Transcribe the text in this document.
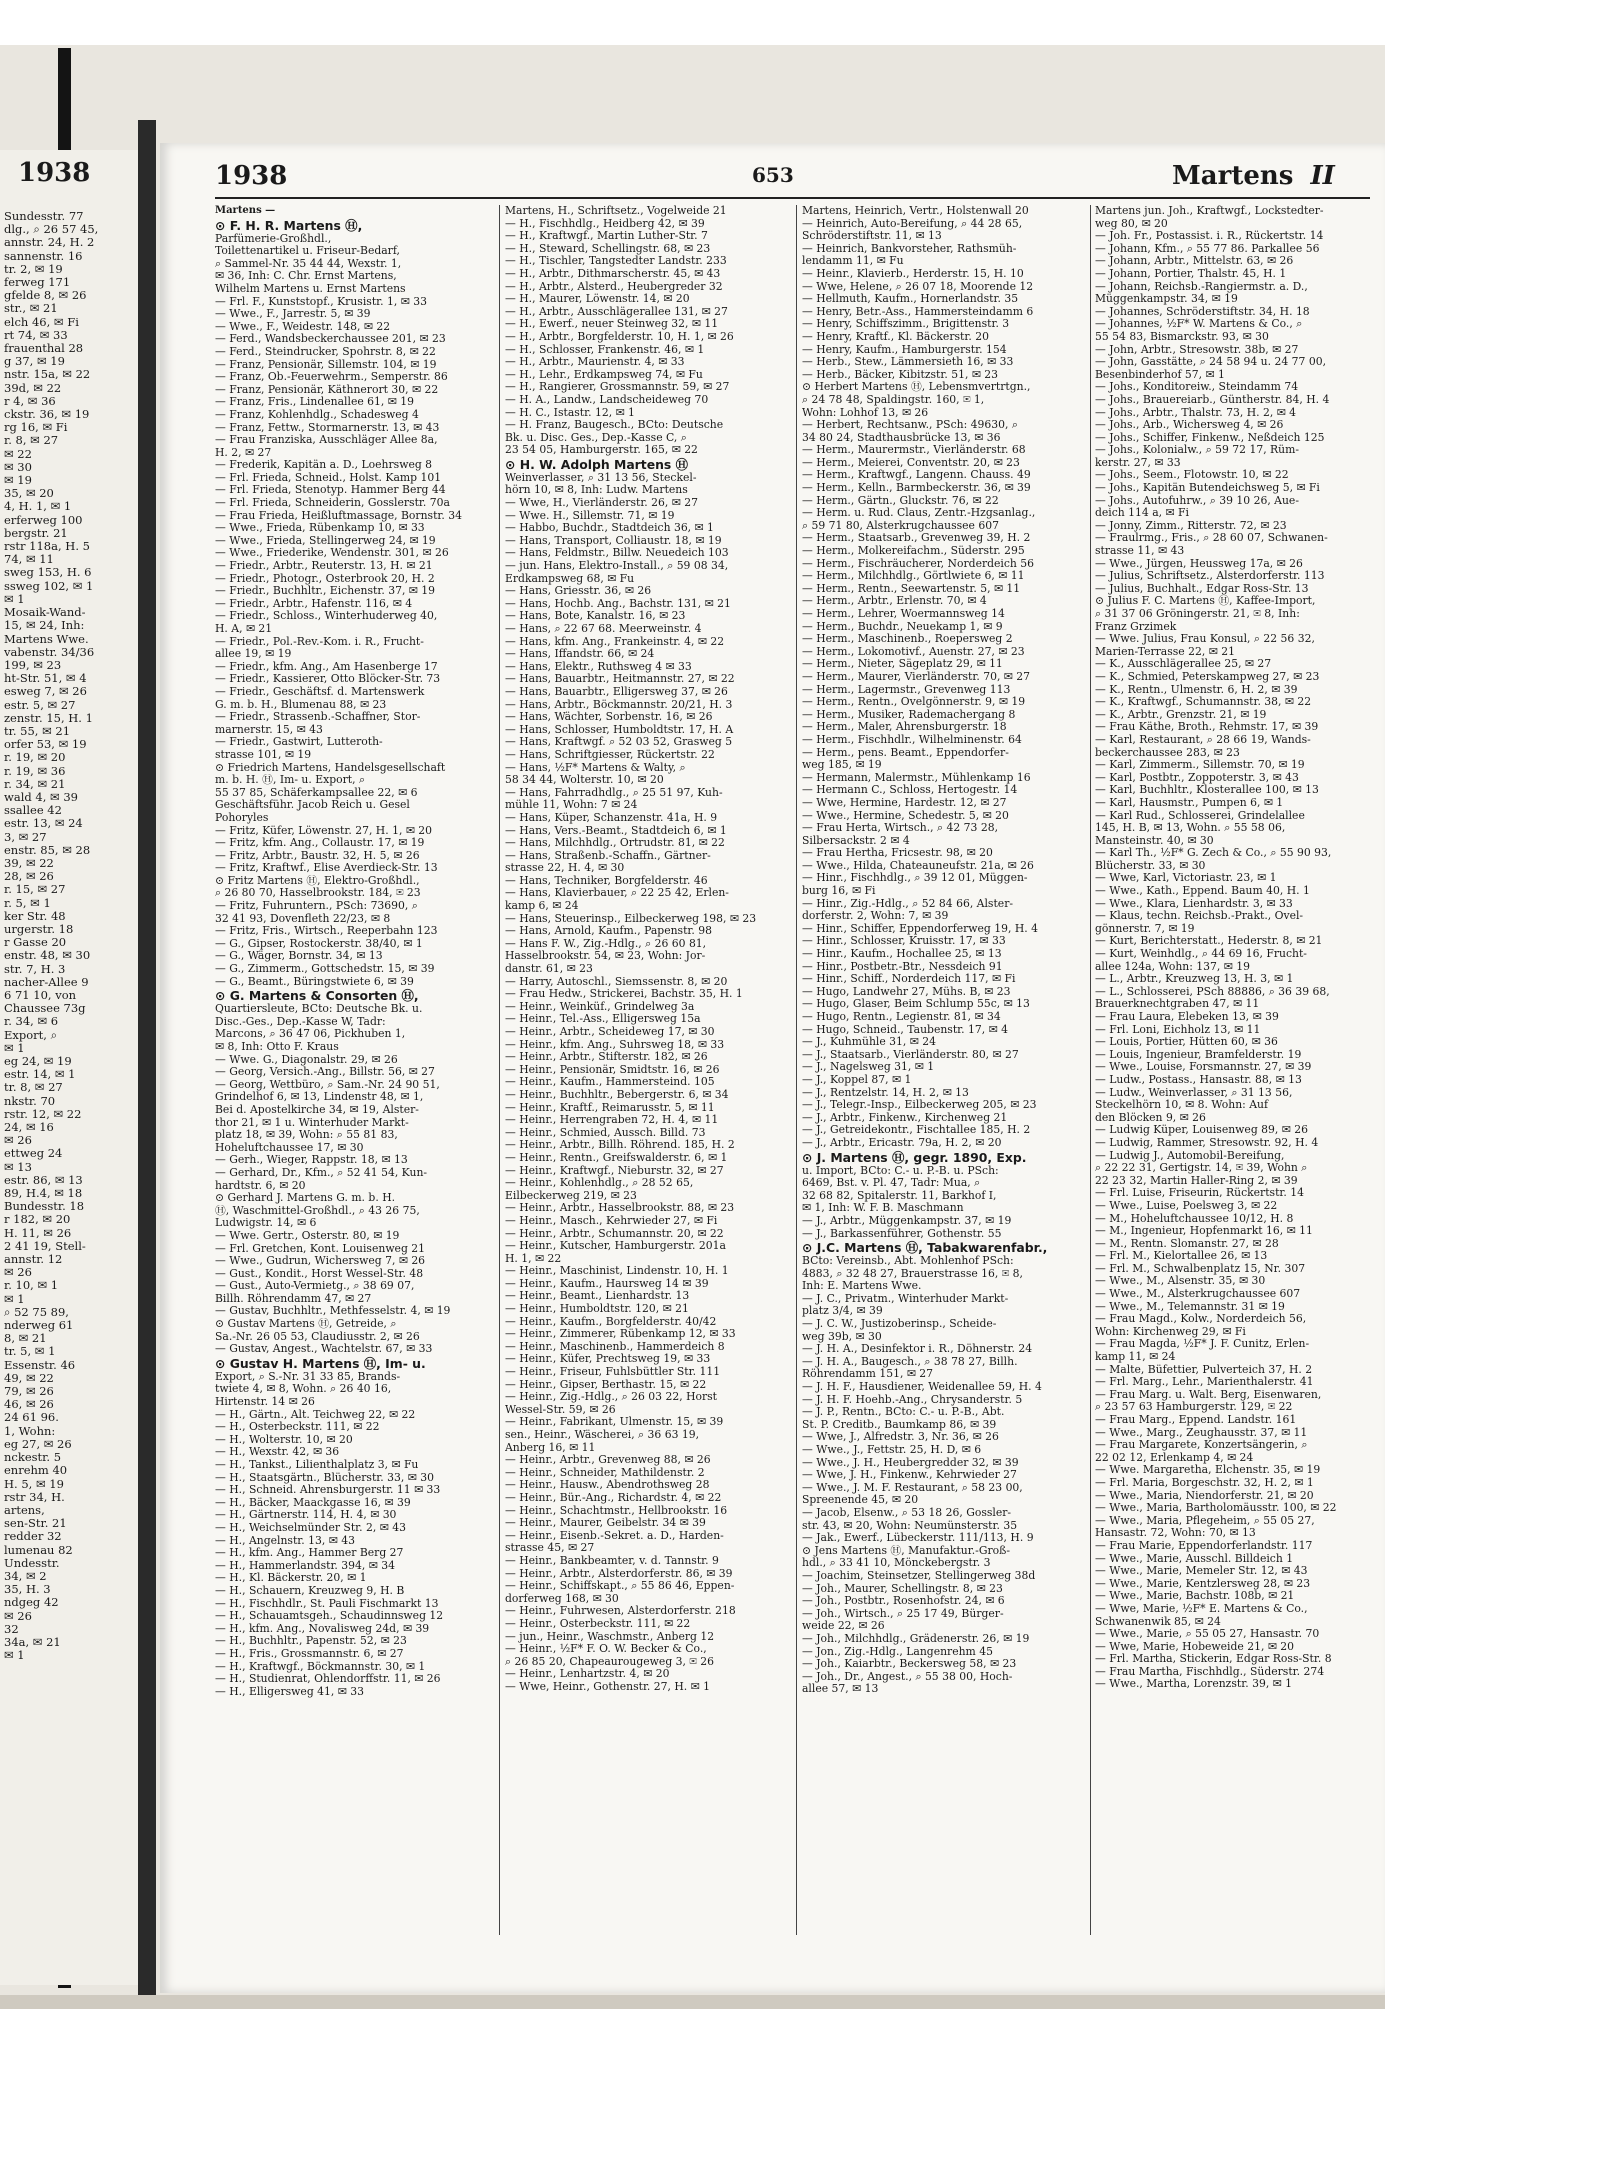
1938
Sundesstr. 77
dlg., ⌕ 26 57 45,
annstr. 24, H. 2
sannenstr. 16
tr. 2, ✉ 19
ferweg 171
gfelde 8, ✉ 26
str., ✉ 21
elch 46, ✉ Fi
rt 74, ✉ 33
frauenthal 28
g 37, ✉ 19
nstr. 15a, ✉ 22
39d, ✉ 22
r 4, ✉ 36
ckstr. 36, ✉ 19
rg 16, ✉ Fi
r. 8, ✉ 27
✉ 22
✉ 30
✉ 19
35, ✉ 20
4, H. 1, ✉ 1
erferweg 100
bergstr. 21
rstr 118a, H. 5
74, ✉ 11
sweg 153, H. 6
ssweg 102, ✉ 1
✉ 1
Mosaik-Wand-
15, ✉ 24, Inh:
Martens Wwe.
vabenstr. 34/36
199, ✉ 23
ht-Str. 51, ✉ 4
esweg 7, ✉ 26
estr. 5, ✉ 27
zenstr. 15, H. 1
tr. 55, ✉ 21
orfer 53, ✉ 19
r. 19, ✉ 20
r. 19, ✉ 36
r. 34, ✉ 21
wald 4, ✉ 39
ssallee 42
estr. 13, ✉ 24
3, ✉ 27
enstr. 85, ✉ 28
39, ✉ 22
28, ✉ 26
r. 15, ✉ 27
r. 5, ✉ 1
ker Str. 48
urgerstr. 18
r Gasse 20
enstr. 48, ✉ 30
str. 7, H. 3
nacher-Allee 9
6 71 10, von
Chaussee 73g
r. 34, ✉ 6
Export, ⌕
✉ 1
eg 24, ✉ 19
estr. 14, ✉ 1
tr. 8, ✉ 27
nkstr. 70
rstr. 12, ✉ 22
24, ✉ 16
✉ 26
ettweg 24
✉ 13
estr. 86, ✉ 13
89, H.4, ✉ 18
Bundesstr. 18
r 182, ✉ 20
H. 11, ✉ 26
2 41 19, Stell-
annstr. 12
✉ 26
r. 10, ✉ 1
✉ 1
⌕ 52 75 89,
nderweg 61
8, ✉ 21
tr. 5, ✉ 1
Essenstr. 46
49, ✉ 22
79, ✉ 26
46, ✉ 26
24 61 96.
1, Wohn:
eg 27, ✉ 26
nckestr. 5
enrehm 40
H. 5, ✉ 19
rstr 34, H.
artens,
sen-Str. 21
redder 32
lumenau 82
Undesstr.
34, ✉ 2
35, H. 3
ndgeg 42
✉ 26
32
34a, ✉ 21
✉ 1
1938	653	Martens II
Martens —
⊙ F. H. R. Martens Ⓗ,
Parfümerie-Großhdl.,
Toilettenartikel u. Friseur-Bedarf,
⌕ Sammel-Nr. 35 44 44, Wexstr. 1,
✉ 36, Inh: C. Chr. Ernst Martens,
Wilhelm Martens u. Ernst Martens
— Frl. F., Kunststopf., Krusistr. 1, ✉ 33
— Wwe., F., Jarrestr. 5, ✉ 39
— Wwe., F., Weidestr. 148, ✉ 22
— Ferd., Wandsbeckerchaussee 201, ✉ 23
— Ferd., Steindrucker, Spohrstr. 8, ✉ 22
— Franz, Pensionär, Sillemstr. 104, ✉ 19
— Franz, Ob.-Feuerwehrm., Semperstr. 86
— Franz, Pensionär, Käthnerort 30, ✉ 22
— Franz, Fris., Lindenallee 61, ✉ 19
— Franz, Kohlenhdlg., Schadesweg 4
— Franz, Fettw., Stormarnerstr. 13, ✉ 43
— Frau Franziska, Ausschläger Allee 8a,
H. 2, ✉ 27
— Frederik, Kapitän a. D., Loehrsweg 8
— Frl. Frieda, Schneid., Holst. Kamp 101
— Frl. Frieda, Stenotyp. Hammer Berg 44
— Frl. Frieda, Schneiderin, Gosslerstr. 70a
— Frau Frieda, Heißluftmassage, Bornstr. 34
— Wwe., Frieda, Rübenkamp 10, ✉ 33
— Wwe., Frieda, Stellingerweg 24, ✉ 19
— Wwe., Friederike, Wendenstr. 301, ✉ 26
— Friedr., Arbtr., Reuterstr. 13, H. ✉ 21
— Friedr., Photogr., Osterbrook 20, H. 2
— Friedr., Buchhltr., Eichenstr. 37, ✉ 19
— Friedr., Arbtr., Hafenstr. 116, ✉ 4
— Friedr., Schloss., Winterhuderweg 40,
H. A, ✉ 21
— Friedr., Pol.-Rev.-Kom. i. R., Frucht-
allee 19, ✉ 19
— Friedr., kfm. Ang., Am Hasenberge 17
— Friedr., Kassierer, Otto Blöcker-Str. 73
— Friedr., Geschäftsf. d. Martenswerk
G. m. b. H., Blumenau 88, ✉ 23
— Friedr., Strassenb.-Schaffner, Stor-
marnerstr. 15, ✉ 43
— Friedr., Gastwirt, Lutteroth-
strasse 101, ✉ 19
⊙ Friedrich Martens, Handelsgesellschaft
m. b. H. Ⓗ, Im- u. Export, ⌕
55 37 85, Schäferkampsallee 22, ✉ 6
Geschäftsführ. Jacob Reich u. Gesel
Pohoryles
— Fritz, Küfer, Löwenstr. 27, H. 1, ✉ 20
— Fritz, kfm. Ang., Collaustr. 17, ✉ 19
— Fritz, Arbtr., Baustr. 32, H. 5, ✉ 26
— Fritz, Kraftwf., Elise Averdieck-Str. 13
⊙ Fritz Martens Ⓗ, Elektro-Großhdl.,
⌕ 26 80 70, Hasselbrookstr. 184, ✉ 23
— Fritz, Fuhruntern., PSch: 73690, ⌕
32 41 93, Dovenfleth 22/23, ✉ 8
— Fritz, Fris., Wirtsch., Reeperbahn 123
— G., Gipser, Rostockerstr. 38/40, ✉ 1
— G., Wäger, Bornstr. 34, ✉ 13
— G., Zimmerm., Gottschedstr. 15, ✉ 39
— G., Beamt., Büringstwiete 6, ✉ 39
⊙ G. Martens & Consorten Ⓗ,
Quartiersleute, BCto: Deutsche Bk. u.
Disc.-Ges., Dep.-Kasse W, Tadr:
Marcons, ⌕ 36 47 06, Pickhuben 1,
✉ 8, Inh: Otto F. Kraus
— Wwe. G., Diagonalstr. 29, ✉ 26
— Georg, Versich.-Ang., Billstr. 56, ✉ 27
— Georg, Wettbüro, ⌕ Sam.-Nr. 24 90 51,
Grindelhof 6, ✉ 13, Lindenstr 48, ✉ 1,
Bei d. Apostelkirche 34, ✉ 19, Alster-
thor 21, ✉ 1 u. Winterhuder Markt-
platz 18, ✉ 39, Wohn: ⌕ 55 81 83,
Hoheluftchaussee 17, ✉ 30
— Gerh., Wieger, Rappstr. 18, ✉ 13
— Gerhard, Dr., Kfm., ⌕ 52 41 54, Kun-
hardtstr. 6, ✉ 20
⊙ Gerhard J. Martens G. m. b. H.
Ⓗ, Waschmittel-Großhdl., ⌕ 43 26 75,
Ludwigstr. 14, ✉ 6
— Wwe. Gertr., Osterstr. 80, ✉ 19
— Frl. Gretchen, Kont. Louisenweg 21
— Wwe., Gudrun, Wichersweg 7, ✉ 26
— Gust., Kondit., Horst Wessel-Str. 48
— Gust., Auto-Vermietg., ⌕ 38 69 07,
Billh. Röhrendamm 47, ✉ 27
— Gustav, Buchhltr., Methfesselstr. 4, ✉ 19
⊙ Gustav Martens Ⓗ, Getreide, ⌕
Sa.-Nr. 26 05 53, Claudiusstr. 2, ✉ 26
— Gustav, Angest., Wachtelstr. 67, ✉ 33
⊙ Gustav H. Martens Ⓗ, Im- u.
Export, ⌕ S.-Nr. 31 33 85, Brands-
twiete 4, ✉ 8, Wohn. ⌕ 26 40 16,
Hirtenstr. 14 ✉ 26
— H., Gärtn., Alt. Teichweg 22, ✉ 22
— H., Osterbeckstr. 111, ✉ 22
— H., Wolterstr. 10, ✉ 20
— H., Wexstr. 42, ✉ 36
— H., Tankst., Lilienthalplatz 3, ✉ Fu
— H., Staatsgärtn., Blücherstr. 33, ✉ 30
— H., Schneid. Ahrensburgerstr. 11 ✉ 33
— H., Bäcker, Maackgasse 16, ✉ 39
— H., Gärtnerstr. 114, H. 4, ✉ 30
— H., Weichselmünder Str. 2, ✉ 43
— H., Angelnstr. 13, ✉ 43
— H., kfm. Ang., Hammer Berg 27
— H., Hammerlandstr. 394, ✉ 34
— H., Kl. Bäckerstr. 20, ✉ 1
— H., Schauern, Kreuzweg 9, H. B
— H., Fischhdlr., St. Pauli Fischmarkt 13
— H., Schauamtsgeh., Schaudinnsweg 12
— H., kfm. Ang., Novalisweg 24d, ✉ 39
— H., Buchhltr., Papenstr. 52, ✉ 23
— H., Fris., Grossmannstr. 6, ✉ 27
— H., Kraftwgf., Böckmannstr. 30, ✉ 1
— H., Studienrat, Ohlendorffstr. 11, ✉ 26
— H., Elligersweg 41, ✉ 33
Martens, H., Schriftsetz., Vogelweide 21
— H., Fischhdlg., Heidberg 42, ✉ 39
— H., Kraftwgf., Martin Luther-Str. 7
— H., Steward, Schellingstr. 68, ✉ 23
— H., Tischler, Tangstedter Landstr. 233
— H., Arbtr., Dithmarscherstr. 45, ✉ 43
— H., Arbtr., Alsterd., Heubergreder 32
— H., Maurer, Löwenstr. 14, ✉ 20
— H., Arbtr., Ausschlägerallee 131, ✉ 27
— H., Ewerf., neuer Steinweg 32, ✉ 11
— H., Arbtr., Borgfelderstr. 10, H. 1, ✉ 26
— H., Schlosser, Frankenstr. 46, ✉ 1
— H., Arbtr., Maurienstr. 4, ✉ 33
— H., Lehr., Erdkampsweg 74, ✉ Fu
— H., Rangierer, Grossmannstr. 59, ✉ 27
— H. A., Landw., Landscheideweg 70
— H. C., Istastr. 12, ✉ 1
— H. Franz, Baugesch., BCto: Deutsche
Bk. u. Disc. Ges., Dep.-Kasse C, ⌕
23 54 05, Hamburgerstr. 165, ✉ 22
⊙ H. W. Adolph Martens Ⓗ
Weinverlasser, ⌕ 31 13 56, Steckel-
hörn 10, ✉ 8, Inh: Ludw. Martens
— Wwe, H., Vierländerstr. 26, ✉ 27
— Wwe. H., Sillemstr. 71, ✉ 19
— Habbo, Buchdr., Stadtdeich 36, ✉ 1
— Hans, Transport, Colliaustr. 18, ✉ 19
— Hans, Feldmstr., Billw. Neuedeich 103
— jun. Hans, Elektro-Install., ⌕ 59 08 34,
Erdkampsweg 68, ✉ Fu
— Hans, Griesstr. 36, ✉ 26
— Hans, Hochb. Ang., Bachstr. 131, ✉ 21
— Hans, Bote, Kanalstr. 16, ✉ 23
— Hans, ⌕ 22 67 68. Meerweinstr. 4
— Hans, kfm. Ang., Frankeinstr. 4, ✉ 22
— Hans, Iffandstr. 66, ✉ 24
— Hans, Elektr., Ruthsweg 4 ✉ 33
— Hans, Bauarbtr., Heitmannstr. 27, ✉ 22
— Hans, Bauarbtr., Elligersweg 37, ✉ 26
— Hans, Arbtr., Böckmannstr. 20/21, H. 3
— Hans, Wächter, Sorbenstr. 16, ✉ 26
— Hans, Schlosser, Humboldtstr. 17, H. A
— Hans, Kraftwgf. ⌕ 52 03 52, Grasweg 5
— Hans, Schriftgiesser, Rückertstr. 22
— Hans, ½F* Martens & Walty, ⌕
58 34 44, Wolterstr. 10, ✉ 20
— Hans, Fahrradhdlg., ⌕ 25 51 97, Kuh-
mühle 11, Wohn: 7 ✉ 24
— Hans, Küper, Schanzenstr. 41a, H. 9
— Hans, Vers.-Beamt., Stadtdeich 6, ✉ 1
— Hans, Milchhdlg., Ortrudstr. 81, ✉ 22
— Hans, Straßenb.-Schaffn., Gärtner-
strasse 22, H. 4, ✉ 30
— Hans, Techniker, Borgfelderstr. 46
— Hans, Klavierbauer, ⌕ 22 25 42, Erlen-
kamp 6, ✉ 24
— Hans, Steuerinsp., Eilbeckerweg 198, ✉ 23
— Hans, Arnold, Kaufm., Papenstr. 98
— Hans F. W., Zig.-Hdlg., ⌕ 26 60 81,
Hasselbrookstr. 54, ✉ 23, Wohn: Jor-
danstr. 61, ✉ 23
— Harry, Autoschl., Siemssenstr. 8, ✉ 20
— Frau Hedw., Strickerei, Bachstr. 35, H. 1
— Heinr., Weinküf., Grindelweg 3a
— Heinr., Tel.-Ass., Elligersweg 15a
— Heinr., Arbtr., Scheideweg 17, ✉ 30
— Heinr., kfm. Ang., Suhrsweg 18, ✉ 33
— Heinr., Arbtr., Stifterstr. 182, ✉ 26
— Heinr., Pensionär, Smidtstr. 16, ✉ 26
— Heinr., Kaufm., Hammersteind. 105
— Heinr., Buchhltr., Bebergerstr. 6, ✉ 34
— Heinr., Kraftf., Reimarusstr. 5, ✉ 11
— Heinr., Herrengraben 72, H. 4, ✉ 11
— Heinr., Schmied, Aussch. Billd. 73
— Heinr., Arbtr., Billh. Röhrend. 185, H. 2
— Heinr., Rentn., Greifswalderstr. 6, ✉ 1
— Heinr., Kraftwgf., Nieburstr. 32, ✉ 27
— Heinr., Kohlenhdlg., ⌕ 28 52 65,
Eilbeckerweg 219, ✉ 23
— Heinr., Arbtr., Hasselbrookstr. 88, ✉ 23
— Heinr., Masch., Kehrwieder 27, ✉ Fi
— Heinr., Arbtr., Schumannstr. 20, ✉ 22
— Heinr., Kutscher, Hamburgerstr. 201a
H. 1, ✉ 22
— Heinr., Maschinist, Lindenstr. 10, H. 1
— Heinr., Kaufm., Haursweg 14 ✉ 39
— Heinr., Beamt., Lienhardstr. 13
— Heinr., Humboldtstr. 120, ✉ 21
— Heinr., Kaufm., Borgfelderstr. 40/42
— Heinr., Zimmerer, Rübenkamp 12, ✉ 33
— Heinr., Maschinenb., Hammerdeich 8
— Heinr., Küfer, Prechtsweg 19, ✉ 33
— Heinr., Friseur, Fuhlsbüttler Str. 111
— Heinr., Gipser, Berthastr. 15, ✉ 22
— Heinr., Zig.-Hdlg., ⌕ 26 03 22, Horst
Wessel-Str. 59, ✉ 26
— Heinr., Fabrikant, Ulmenstr. 15, ✉ 39
sen., Heinr., Wäscherei, ⌕ 36 63 19,
Anberg 16, ✉ 11
— Heinr., Arbtr., Grevenweg 88, ✉ 26
— Heinr., Schneider, Mathildenstr. 2
— Heinr., Hausw., Abendrothsweg 28
— Heinr., Bür.-Ang., Richardstr. 4, ✉ 22
— Heinr., Schachtmstr., Hellbrookstr. 16
— Heinr., Maurer, Geibelstr. 34 ✉ 39
— Heinr., Eisenb.-Sekret. a. D., Harden-
strasse 45, ✉ 27
— Heinr., Bankbeamter, v. d. Tannstr. 9
— Heinr., Arbtr., Alsterdorferstr. 86, ✉ 39
— Heinr., Schiffskapt., ⌕ 55 86 46, Eppen-
dorferweg 168, ✉ 30
— Heinr., Fuhrwesen, Alsterdorferstr. 218
— Heinr., Osterbeckstr. 111, ✉ 22
— jun., Heinr., Waschmstr., Anberg 12
— Heinr., ½F* F. O. W. Becker & Co.,
⌕ 26 85 20, Chapeaurougeweg 3, ✉ 26
— Heinr., Lenhartzstr. 4, ✉ 20
— Wwe, Heinr., Gothenstr. 27, H. ✉ 1
Martens, Heinrich, Vertr., Holstenwall 20
— Heinrich, Auto-Bereifung, ⌕ 44 28 65,
Schröderstiftstr. 11, ✉ 13
— Heinrich, Bankvorsteher, Rathsmüh-
lendamm 11, ✉ Fu
— Heinr., Klavierb., Herderstr. 15, H. 10
— Wwe, Helene, ⌕ 26 07 18, Moorende 12
— Hellmuth, Kaufm., Hornerlandstr. 35
— Henry, Betr.-Ass., Hammersteindamm 6
— Henry, Schiffszimm., Brigittenstr. 3
— Henry, Kraftf., Kl. Bäckerstr. 20
— Henry, Kaufm., Hamburgerstr. 154
— Herb., Stew., Lämmersieth 16, ✉ 33
— Herb., Bäcker, Kibitzstr. 51, ✉ 23
⊙ Herbert Martens Ⓗ, Lebensmvertrtgn.,
⌕ 24 78 48, Spaldingstr. 160, ✉ 1,
Wohn: Lohhof 13, ✉ 26
— Herbert, Rechtsanw., PSch: 49630, ⌕
34 80 24, Stadthausbrücke 13, ✉ 36
— Herm., Maurermstr., Vierländerstr. 68
— Herm., Meierei, Conventstr. 20, ✉ 23
— Herm., Kraftwgf., Langenn. Chauss. 49
— Herm., Kelln., Barmbeckerstr. 36, ✉ 39
— Herm., Gärtn., Gluckstr. 76, ✉ 22
— Herm. u. Rud. Claus, Zentr.-Hzgsanlag.,
⌕ 59 71 80, Alsterkrugchaussee 607
— Herm., Staatsarb., Grevenweg 39, H. 2
— Herm., Molkereifachm., Süderstr. 295
— Herm., Fischräucherer, Norderdeich 56
— Herm., Milchhdlg., Görtlwiete 6, ✉ 11
— Herm., Rentn., Seewartenstr. 5, ✉ 11
— Herm., Arbtr., Erlenstr. 70, ✉ 4
— Herm., Lehrer, Woermannsweg 14
— Herm., Buchdr., Neuekamp 1, ✉ 9
— Herm., Maschinenb., Roepersweg 2
— Herm., Lokomotivf., Auenstr. 27, ✉ 23
— Herm., Nieter, Sägeplatz 29, ✉ 11
— Herm., Maurer, Vierländerstr. 70, ✉ 27
— Herm., Lagermstr., Grevenweg 113
— Herm., Rentn., Övelgönnerstr. 9, ✉ 19
— Herm., Musiker, Rademachergang 8
— Herm., Maler, Ahrensburgerstr. 18
— Herm., Fischhdlr., Wilhelminenstr. 64
— Herm., pens. Beamt., Eppendorfer-
weg 185, ✉ 19
— Hermann, Malermstr., Mühlenkamp 16
— Hermann C., Schloss, Hertogestr. 14
— Wwe, Hermine, Hardestr. 12, ✉ 27
— Wwe., Hermine, Schedestr. 5, ✉ 20
— Frau Herta, Wirtsch., ⌕ 42 73 28,
Silbersackstr. 2 ✉ 4
— Frau Hertha, Fricsestr. 98, ✉ 20
— Wwe., Hilda, Chateauneufstr. 21a, ✉ 26
— Hinr., Fischhdlg., ⌕ 39 12 01, Müggen-
burg 16, ✉ Fi
— Hinr., Zig.-Hdlg., ⌕ 52 84 66, Alster-
dorferstr. 2, Wohn: 7, ✉ 39
— Hinr., Schiffer, Eppendorferweg 19, H. 4
— Hinr., Schlosser, Kruisstr. 17, ✉ 33
— Hinr., Kaufm., Hochallee 25, ✉ 13
— Hinr., Postbetr.-Btr., Nessdeich 91
— Hinr., Schiff., Norderdeich 117, ✉ Fi
— Hugo, Landwehr 27, Mühs. B, ✉ 23
— Hugo, Glaser, Beim Schlump 55c, ✉ 13
— Hugo, Rentn., Legienstr. 81, ✉ 34
— Hugo, Schneid., Taubenstr. 17, ✉ 4
— J., Kuhmühle 31, ✉ 24
— J., Staatsarb., Vierländerstr. 80, ✉ 27
— J., Nagelsweg 31, ✉ 1
— J., Koppel 87, ✉ 1
— J., Rentzelstr. 14, H. 2, ✉ 13
— J., Telegr.-Insp., Eilbeckerweg 205, ✉ 23
— J., Arbtr., Finkenw., Kirchenweg 21
— J., Getreidekontr., Fischtallee 185, H. 2
— J., Arbtr., Ericastr. 79a, H. 2, ✉ 20
⊙ J. Martens Ⓗ, gegr. 1890, Exp.
u. Import, BCto: C.- u. P.-B. u. PSch:
6469, Bst. v. Pl. 47, Tadr: Mua, ⌕
32 68 82, Spitalerstr. 11, Barkhof I,
✉ 1, Inh: W. F. B. Maschmann
— J., Arbtr., Müggenkampstr. 37, ✉ 19
— J., Barkassenführer, Gothenstr. 55
⊙ J.C. Martens Ⓗ, Tabakwarenfabr.,
BCto: Vereinsb., Abt. Mohlenhof PSch:
4883, ⌕ 32 48 27, Brauerstrasse 16, ✉ 8,
Inh: E. Martens Wwe.
— J. C., Privatm., Winterhuder Markt-
platz 3/4, ✉ 39
— J. C. W., Justizoberinsp., Scheide-
weg 39b, ✉ 30
— J. H. A., Desinfektor i. R., Döhnerstr. 24
— J. H. A., Baugesch., ⌕ 38 78 27, Billh.
Röhrendamm 151, ✉ 27
— J. H. F., Hausdiener, Weidenallee 59, H. 4
— J. H. F. Hoehb.-Ang., Chrysanderstr. 5
— J. P., Rentn., BCto: C.- u. P.-B., Abt.
St. P. Creditb., Baumkamp 86, ✉ 39
— Wwe, J., Alfredstr. 3, Nr. 36, ✉ 26
— Wwe., J., Fettstr. 25, H. D, ✉ 6
— Wwe., J. H., Heubergredder 32, ✉ 39
— Wwe, J. H., Finkenw., Kehrwieder 27
— Wwe., J. M. F. Restaurant, ⌕ 58 23 00,
Spreenende 45, ✉ 20
— Jacob, Elsenw., ⌕ 53 18 26, Gossler-
str. 43, ✉ 20, Wohn: Neumünsterstr. 35
— Jak., Ewerf., Lübeckerstr. 111/113, H. 9
⊙ Jens Martens Ⓗ, Manufaktur.-Groß-
hdl., ⌕ 33 41 10, Mönckebergstr. 3
— Joachim, Steinsetzer, Stellingerweg 38d
— Joh., Maurer, Schellingstr. 8, ✉ 23
— Joh., Postbtr., Rosenhofstr. 24, ✉ 6
— Joh., Wirtsch., ⌕ 25 17 49, Bürger-
weide 22, ✉ 26
— Joh., Milchhdlg., Grädenerstr. 26, ✉ 19
— Jon., Zig.-Hdlg., Langenrehm 45
— Joh., Kaiarbtr., Beckersweg 58, ✉ 23
— Joh., Dr., Angest., ⌕ 55 38 00, Hoch-
allee 57, ✉ 13
Martens jun. Joh., Kraftwgf., Lockstedter-
weg 80, ✉ 20
— Joh. Fr., Postassist. i. R., Rückertstr. 14
— Johann, Kfm., ⌕ 55 77 86. Parkallee 56
— Johann, Arbtr., Mittelstr. 63, ✉ 26
— Johann, Portier, Thalstr. 45, H. 1
— Johann, Reichsb.-Rangiermstr. a. D.,
Müggenkampstr. 34, ✉ 19
— Johannes, Schröderstiftstr. 34, H. 18
— Johannes, ½F* W. Martens & Co., ⌕
55 54 83, Bismarckstr. 93, ✉ 30
— John, Arbtr., Stresowstr. 38b, ✉ 27
— John, Gasstätte, ⌕ 24 58 94 u. 24 77 00,
Besenbinderhof 57, ✉ 1
— Johs., Konditoreiw., Steindamm 74
— Johs., Brauereiarb., Güntherstr. 84, H. 4
— Johs., Arbtr., Thalstr. 73, H. 2, ✉ 4
— Johs., Arb., Wichersweg 4, ✉ 26
— Johs., Schiffer, Finkenw., Neßdeich 125
— Johs., Kolonialw., ⌕ 59 72 17, Rüm-
kerstr. 27, ✉ 33
— Johs., Seem., Flotowstr. 10, ✉ 22
— Johs., Kapitän Butendeichsweg 5, ✉ Fi
— Johs., Autofuhrw., ⌕ 39 10 26, Aue-
deich 114 a, ✉ Fi
— Jonny, Zimm., Ritterstr. 72, ✉ 23
— Fraulrmg., Fris., ⌕ 28 60 07, Schwanen-
strasse 11, ✉ 43
— Wwe., Jürgen, Heussweg 17a, ✉ 26
— Julius, Schriftsetz., Alsterdorferstr. 113
— Julius, Buchhalt., Edgar Ross-Str. 13
⊙ Julius F. C. Martens Ⓗ, Kaffee-Import,
⌕ 31 37 06 Gröningerstr. 21, ✉ 8, Inh:
Franz Grzimek
— Wwe. Julius, Frau Konsul, ⌕ 22 56 32,
Marien-Terrasse 22, ✉ 21
— K., Ausschlägerallee 25, ✉ 27
— K., Schmied, Peterskampweg 27, ✉ 23
— K., Rentn., Ulmenstr. 6, H. 2, ✉ 39
— K., Kraftwgf., Schumannstr. 38, ✉ 22
— K., Arbtr., Grenzstr. 21, ✉ 19
— Frau Käthe, Broth., Rehmstr. 17, ✉ 39
— Karl, Restaurant, ⌕ 28 66 19, Wands-
beckerchaussee 283, ✉ 23
— Karl, Zimmerm., Sillemstr. 70, ✉ 19
— Karl, Postbtr., Zoppoterstr. 3, ✉ 43
— Karl, Buchhltr., Klosterallee 100, ✉ 13
— Karl, Hausmstr., Pumpen 6, ✉ 1
— Karl Rud., Schlosserei, Grindelallee
145, H. B, ✉ 13, Wohn. ⌕ 55 58 06,
Mansteinstr. 40, ✉ 30
— Karl Th., ½F* G. Zech & Co., ⌕ 55 90 93,
Blücherstr. 33, ✉ 30
— Wwe, Karl, Victoriastr. 23, ✉ 1
— Wwe., Kath., Eppend. Baum 40, H. 1
— Wwe., Klara, Lienhardstr. 3, ✉ 33
— Klaus, techn. Reichsb.-Prakt., Övel-
gönnerstr. 7, ✉ 19
— Kurt, Berichterstatt., Hederstr. 8, ✉ 21
— Kurt, Weinhdlg., ⌕ 44 69 16, Frucht-
allee 124a, Wohn: 137, ✉ 19
— L., Arbtr., Kreuzweg 13, H. 3, ✉ 1
— L., Schlosserei, PSch 88886, ⌕ 36 39 68,
Brauerknechtgraben 47, ✉ 11
— Frau Laura, Elebeken 13, ✉ 39
— Frl. Loni, Eichholz 13, ✉ 11
— Louis, Portier, Hütten 60, ✉ 36
— Louis, Ingenieur, Bramfelderstr. 19
— Wwe., Louise, Forsmannstr. 27, ✉ 39
— Ludw., Postass., Hansastr. 88, ✉ 13
— Ludw., Weinverlasser, ⌕ 31 13 56,
Steckelhörn 10, ✉ 8. Wohn: Auf
den Blöcken 9, ✉ 26
— Ludwig Küper, Louisenweg 89, ✉ 26
— Ludwig, Rammer, Stresowstr. 92, H. 4
— Ludwig J., Automobil-Bereifung,
⌕ 22 22 31, Gertigstr. 14, ✉ 39, Wohn ⌕
22 23 32, Martin Haller-Ring 2, ✉ 39
— Frl. Luise, Friseurin, Rückertstr. 14
— Wwe., Luise, Poelsweg 3, ✉ 22
— M., Hoheluftchaussee 10/12, H. 8
— M., Ingenieur, Hopfenmarkt 16, ✉ 11
— M., Rentn. Slomanstr. 27, ✉ 28
— Frl. M., Kielortallee 26, ✉ 13
— Frl. M., Schwalbenplatz 15, Nr. 307
— Wwe., M., Alsenstr. 35, ✉ 30
— Wwe., M., Alsterkrugchaussee 607
— Wwe., M., Telemannstr. 31 ✉ 19
— Frau Magd., Kolw., Norderdeich 56,
Wohn: Kirchenweg 29, ✉ Fi
— Frau Magda, ½F* J. F. Cunitz, Erlen-
kamp 11, ✉ 24
— Malte, Büfettier, Pulverteich 37, H. 2
— Frl. Marg., Lehr., Marienthalerstr. 41
— Frau Marg. u. Walt. Berg, Eisenwaren,
⌕ 23 57 63 Hamburgerstr. 129, ✉ 22
— Frau Marg., Eppend. Landstr. 161
— Wwe., Marg., Zeughausstr. 37, ✉ 11
— Frau Margarete, Konzertsängerin, ⌕
22 02 12, Erlenkamp 4, ✉ 24
— Wwe. Margaretha, Elchenstr. 35, ✉ 19
— Frl. Maria, Borgeschstr. 32, H. 2, ✉ 1
— Wwe., Maria, Niendorferstr. 21, ✉ 20
— Wwe., Maria, Bartholomäusstr. 100, ✉ 22
— Wwe., Maria, Pflegeheim, ⌕ 55 05 27,
Hansastr. 72, Wohn: 70, ✉ 13
— Frau Marie, Eppendorferlandstr. 117
— Wwe., Marie, Ausschl. Billdeich 1
— Wwe., Marie, Memeler Str. 12, ✉ 43
— Wwe., Marie, Kentzlersweg 28, ✉ 23
— Wwe., Marie, Bachstr. 108b, ✉ 21
— Wwe, Marie, ½F* E. Martens & Co.,
Schwanenwik 85, ✉ 24
— Wwe., Marie, ⌕ 55 05 27, Hansastr. 70
— Wwe, Marie, Hobeweide 21, ✉ 20
— Frl. Martha, Stickerin, Edgar Ross-Str. 8
— Frau Martha, Fischhdlg., Süderstr. 274
— Wwe., Martha, Lorenzstr. 39, ✉ 1
